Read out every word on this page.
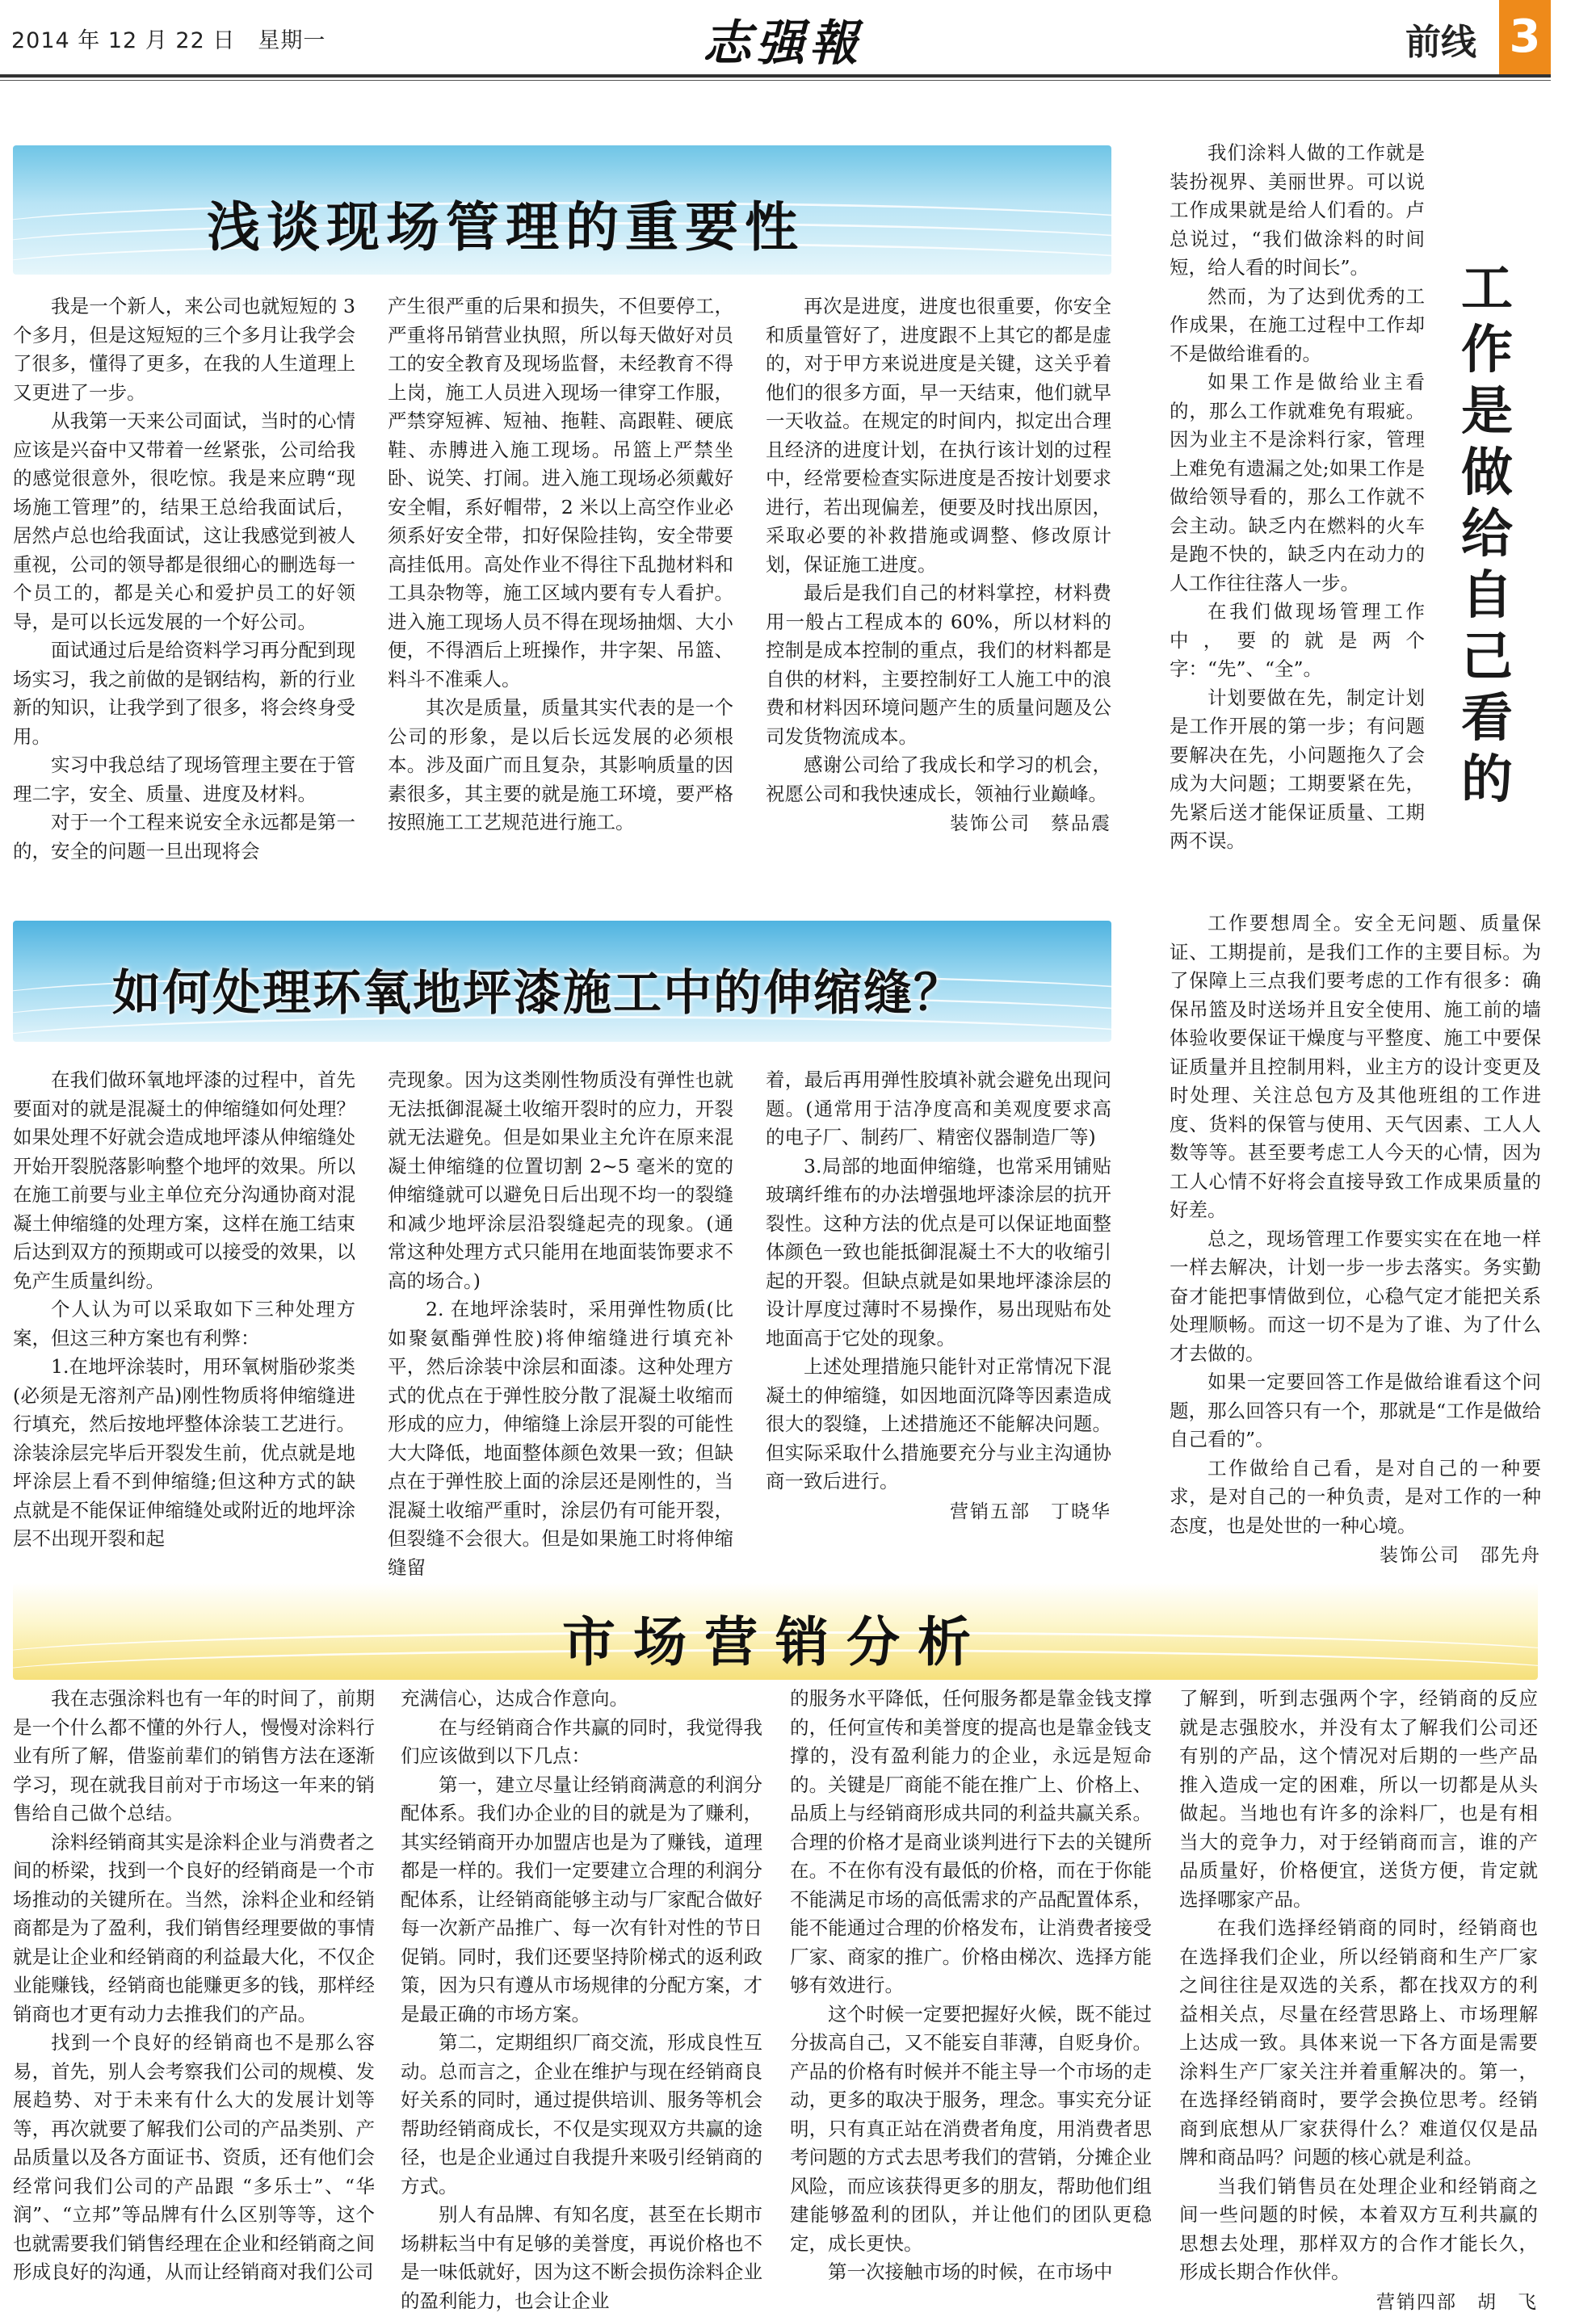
2014 年 12 月 22 日　星期一	志强報	前线 3
浅谈现场管理的重要性

我是一个新人，来公司也就短短的 3 个多月，但是这短短的三个多月让我学会了很多，懂得了更多，在我的人生道理上又更进了一步。

从我第一天来公司面试，当时的心情应该是兴奋中又带着一丝紧张，公司给我的感觉很意外，很吃惊。我是来应聘“现场施工管理”的，结果王总给我面试后，居然卢总也给我面试，这让我感觉到被人重视，公司的领导都是很细心的刪选每一个员工的，都是关心和爱护员工的好领导，是可以长远发展的一个好公司。

面试通过后是给资料学习再分配到现场实习，我之前做的是钢结构，新的行业新的知识，让我学到了很多，将会终身受用。

实习中我总结了现场管理主要在于管理二字，安全、质量、进度及材料。

对于一个工程来说安全永远都是第一的，安全的问题一旦出现将会

产生很严重的后果和损失，不但要停工，严重将吊销营业执照，所以每天做好对员工的安全教育及现场监督，未经教育不得上岗，施工人员进入现场一律穿工作服，严禁穿短裤、短袖、拖鞋、高跟鞋、硬底鞋、赤膊进入施工现场。吊篮上严禁坐卧、说笑、打闹。进入施工现场必须戴好安全帽，系好帽带，2 米以上高空作业必须系好安全带，扣好保险挂钩，安全带要高挂低用。高处作业不得往下乱抛材料和工具杂物等，施工区域内要有专人看护。进入施工现场人员不得在现场抽烟、大小便，不得酒后上班操作，井字架、吊篮、料斗不准乘人。

其次是质量，质量其实代表的是一个公司的形象，是以后长远发展的必须根本。涉及面广而且复杂，其影响质量的因素很多，其主要的就是施工环境，要严格按照施工工艺规范进行施工。

再次是进度，进度也很重要，你安全和质量管好了，进度跟不上其它的都是虚的，对于甲方来说进度是关键，这关乎着他们的很多方面，早一天结束，他们就早一天收益。在规定的时间内，拟定出合理且经济的进度计划，在执行该计划的过程中，经常要检查实际进度是否按计划要求进行，若出现偏差，便要及时找出原因，采取必要的补救措施或调整、修改原计划，保证施工进度。

最后是我们自己的材料掌控，材料费用一般占工程成本的 60%，所以材料的控制是成本控制的重点，我们的材料都是自供的材料，主要控制好工人施工中的浪费和材料因环境问题产生的质量问题及公司发货物流成本。

感谢公司给了我成长和学习的机会，祝愿公司和我快速成长，领袖行业巅峰。

装饰公司　蔡品震
如何处理环氧地坪漆施工中的伸缩缝？

在我们做环氧地坪漆的过程中，首先要面对的就是混凝土的伸缩缝如何处理？如果处理不好就会造成地坪漆从伸缩缝处开始开裂脱落影响整个地坪的效果。所以在施工前要与业主单位充分沟通协商对混凝土伸缩缝的处理方案，这样在施工结束后达到双方的预期或可以接受的效果，以免产生质量纠纷。

个人认为可以采取如下三种处理方案，但这三种方案也有利弊：

1.在地坪涂装时，用环氧树脂砂浆类(必须是无溶剂产品)刚性物质将伸缩缝进行填充，然后按地坪整体涂装工艺进行。涂装涂层完毕后开裂发生前，优点就是地坪涂层上看不到伸缩缝;但这种方式的缺点就是不能保证伸缩缝处或附近的地坪涂层不出现开裂和起

壳现象。因为这类刚性物质没有弹性也就无法抵御混凝土收缩开裂时的应力，开裂就无法避免。但是如果业主允许在原来混凝土伸缩缝的位置切割 2~5 毫米的宽的伸缩缝就可以避免日后出现不均一的裂缝和减少地坪涂层沿裂缝起壳的现象。(通常这种处理方式只能用在地面装饰要求不高的场合。)

2. 在地坪涂装时，采用弹性物质(比如聚氨酯弹性胶)将伸缩缝进行填充补平，然后涂装中涂层和面漆。这种处理方式的优点在于弹性胶分散了混凝土收缩而形成的应力，伸缩缝上涂层开裂的可能性大大降低，地面整体颜色效果一致；但缺点在于弹性胶上面的涂层还是刚性的，当混凝土收缩严重时，涂层仍有可能开裂，但裂缝不会很大。但是如果施工时将伸缩缝留

着，最后再用弹性胶填补就会避免出现问题。(通常用于洁净度高和美观度要求高的电子厂、制药厂、精密仪器制造厂等)

3.局部的地面伸缩缝，也常采用铺贴玻璃纤维布的办法增强地坪漆涂层的抗开裂性。这种方法的优点是可以保证地面整体颜色一致也能抵御混凝土不大的收缩引起的开裂。但缺点就是如果地坪漆涂层的设计厚度过薄时不易操作，易出现贴布处地面高于它处的现象。

上述处理措施只能针对正常情况下混凝土的伸缩缝，如因地面沉降等因素造成很大的裂缝，上述措施还不能解决问题。但实际采取什么措施要充分与业主沟通协商一致后进行。

营销五部　丁晓华
工
作
是
做
给
自
己
看
的

我们涂料人做的工作就是装扮视界、美丽世界。可以说工作成果就是给人们看的。卢总说过，“我们做涂料的时间短，给人看的时间长”。

然而，为了达到优秀的工作成果，在施工过程中工作却不是做给谁看的。

如果工作是做给业主看的，那么工作就难免有瑕疵。因为业主不是涂料行家，管理上难免有遗漏之处;如果工作是做给领导看的，那么工作就不会主动。缺乏内在燃料的火车是跑不快的，缺乏内在动力的人工作往往落人一步。

在我们做现场管理工作中，要的就是两个字：“先”、“全”。

计划要做在先，制定计划是工作开展的第一步；有问题要解决在先，小问题拖久了会成为大问题；工期要紧在先，先紧后送才能保证质量、工期两不误。

工作要想周全。安全无问题、质量保证、工期提前，是我们工作的主要目标。为了保障上三点我们要考虑的工作有很多：确保吊篮及时送场并且安全使用、施工前的墙体验收要保证干燥度与平整度、施工中要保证质量并且控制用料，业主方的设计变更及时处理、关注总包方及其他班组的工作进度、货料的保管与使用、天气因素、工人人数等等。甚至要考虑工人今天的心情，因为工人心情不好将会直接导致工作成果质量的好差。

总之，现场管理工作要实实在在地一样一样去解决，计划一步一步去落实。务实勤奋才能把事情做到位，心稳气定才能把关系处理顺畅。而这一切不是为了谁、为了什么才去做的。

如果一定要回答工作是做给谁看这个问题，那么回答只有一个，那就是“工作是做给自己看的”。

工作做给自己看，是对自己的一种要求，是对自己的一种负责，是对工作的一种态度，也是处世的一种心境。

装饰公司　邵先舟
市场营销分析

我在志强涂料也有一年的时间了，前期是一个什么都不懂的外行人，慢慢对涂料行业有所了解，借鉴前辈们的销售方法在逐渐学习，现在就我目前对于市场这一年来的销售给自己做个总结。

涂料经销商其实是涂料企业与消费者之间的桥梁，找到一个良好的经销商是一个市场推动的关键所在。当然，涂料企业和经销商都是为了盈利，我们销售经理要做的事情就是让企业和经销商的利益最大化，不仅企业能赚钱，经销商也能赚更多的钱，那样经销商也才更有动力去推我们的产品。

找到一个良好的经销商也不是那么容易，首先，别人会考察我们公司的规模、发展趋势、对于未来有什么大的发展计划等等，再次就要了解我们公司的产品类别、产品质量以及各方面证书、资质，还有他们会经常问我们公司的产品跟 “多乐士”、“华润”、“立邦”等品牌有什么区别等等，这个也就需要我们销售经理在企业和经销商之间形成良好的沟通，从而让经销商对我们公司

充满信心，达成合作意向。

在与经销商合作共赢的同时，我觉得我们应该做到以下几点：

第一，建立尽量让经销商满意的利润分配体系。我们办企业的目的就是为了赚利，其实经销商开办加盟店也是为了赚钱，道理都是一样的。我们一定要建立合理的利润分配体系，让经销商能够主动与厂家配合做好每一次新产品推广、每一次有针对性的节日促销。同时，我们还要坚持阶梯式的返利政策，因为只有遵从市场规律的分配方案，才是最正确的市场方案。

第二，定期组织厂商交流，形成良性互动。总而言之，企业在维护与现在经销商良好关系的同时，通过提供培训、服务等机会帮助经销商成长，不仅是实现双方共赢的途径，也是企业通过自我提升来吸引经销商的方式。

别人有品牌、有知名度，甚至在长期市场耕耘当中有足够的美誉度，再说价格也不是一味低就好，因为这不断会损伤涂料企业的盈利能力，也会让企业

的服务水平降低，任何服务都是靠金钱支撑的，任何宣传和美誉度的提高也是靠金钱支撑的，没有盈利能力的企业，永远是短命的。关键是厂商能不能在推广上、价格上、品质上与经销商形成共同的利益共赢关系。合理的价格才是商业谈判进行下去的关键所在。不在你有没有最低的价格，而在于你能不能满足市场的高低需求的产品配置体系，能不能通过合理的价格发布，让消费者接受厂家、商家的推广。价格由梯次、选择方能够有效进行。

这个时候一定要把握好火候，既不能过分拔高自己，又不能妄自菲薄，自贬身价。产品的价格有时候并不能主导一个市场的走动，更多的取决于服务，理念。事实充分证明，只有真正站在消费者角度，用消费者思考问题的方式去思考我们的营销，分摊企业风险，而应该获得更多的朋友，帮助他们组建能够盈利的团队，并让他们的团队更稳定，成长更快。

第一次接触市场的时候，在市场中

了解到，听到志强两个字，经销商的反应就是志强胶水，并没有太了解我们公司还有别的产品，这个情况对后期的一些产品推入造成一定的困难，所以一切都是从头做起。当地也有许多的涂料厂，也是有相当大的竞争力，对于经销商而言，谁的产品质量好，价格便宜，送货方便，肯定就选择哪家产品。

在我们选择经销商的同时，经销商也在选择我们企业，所以经销商和生产厂家之间往往是双选的关系，都在找双方的利益相关点，尽量在经营思路上、市场理解上达成一致。具体来说一下各方面是需要涂料生产厂家关注并着重解决的。第一，在选择经销商时，要学会换位思考。经销商到底想从厂家获得什么？难道仅仅是品牌和商品吗？问题的核心就是利益。

当我们销售员在处理企业和经销商之间一些问题的时候，本着双方互利共赢的思想去处理，那样双方的合作才能长久，形成长期合作伙伴。

营销四部　胡　飞
